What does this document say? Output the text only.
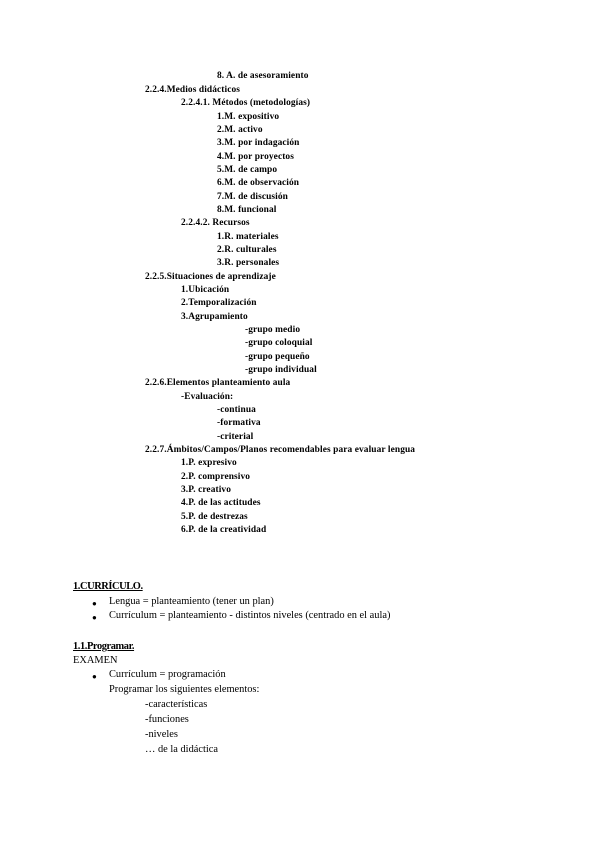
8. A. de asesoramiento
2.2.4.Medios didácticos
2.2.4.1. Métodos (metodologías)
1.M. expositivo
2.M. activo
3.M. por indagación
4.M. por proyectos
5.M. de campo
6.M. de observación
7.M. de discusión
8.M. funcional
2.2.4.2. Recursos
1.R. materiales
2.R. culturales
3.R. personales
2.2.5.Situaciones de aprendizaje
1.Ubicación
2.Temporalización
3.Agrupamiento
-grupo medio
-grupo coloquial
-grupo pequeño
-grupo individual
2.2.6.Elementos planteamiento aula
-Evaluación:
-continua
-formativa
-criterial
2.2.7.Ámbitos/Campos/Planos recomendables para evaluar lengua
1.P. expresivo
2.P. comprensivo
3.P. creativo
4.P. de las actitudes
5.P. de destrezas
6.P. de la creatividad
1.CURRÍCULO.
● Lengua = planteamiento (tener un plan)
● Currículum = planteamiento - distintos niveles (centrado en el aula)
1.1.Programar.
EXAMEN
● Currículum = programación
Programar los siguientes elementos:
-características
-funciones
-niveles
… de la didáctica
